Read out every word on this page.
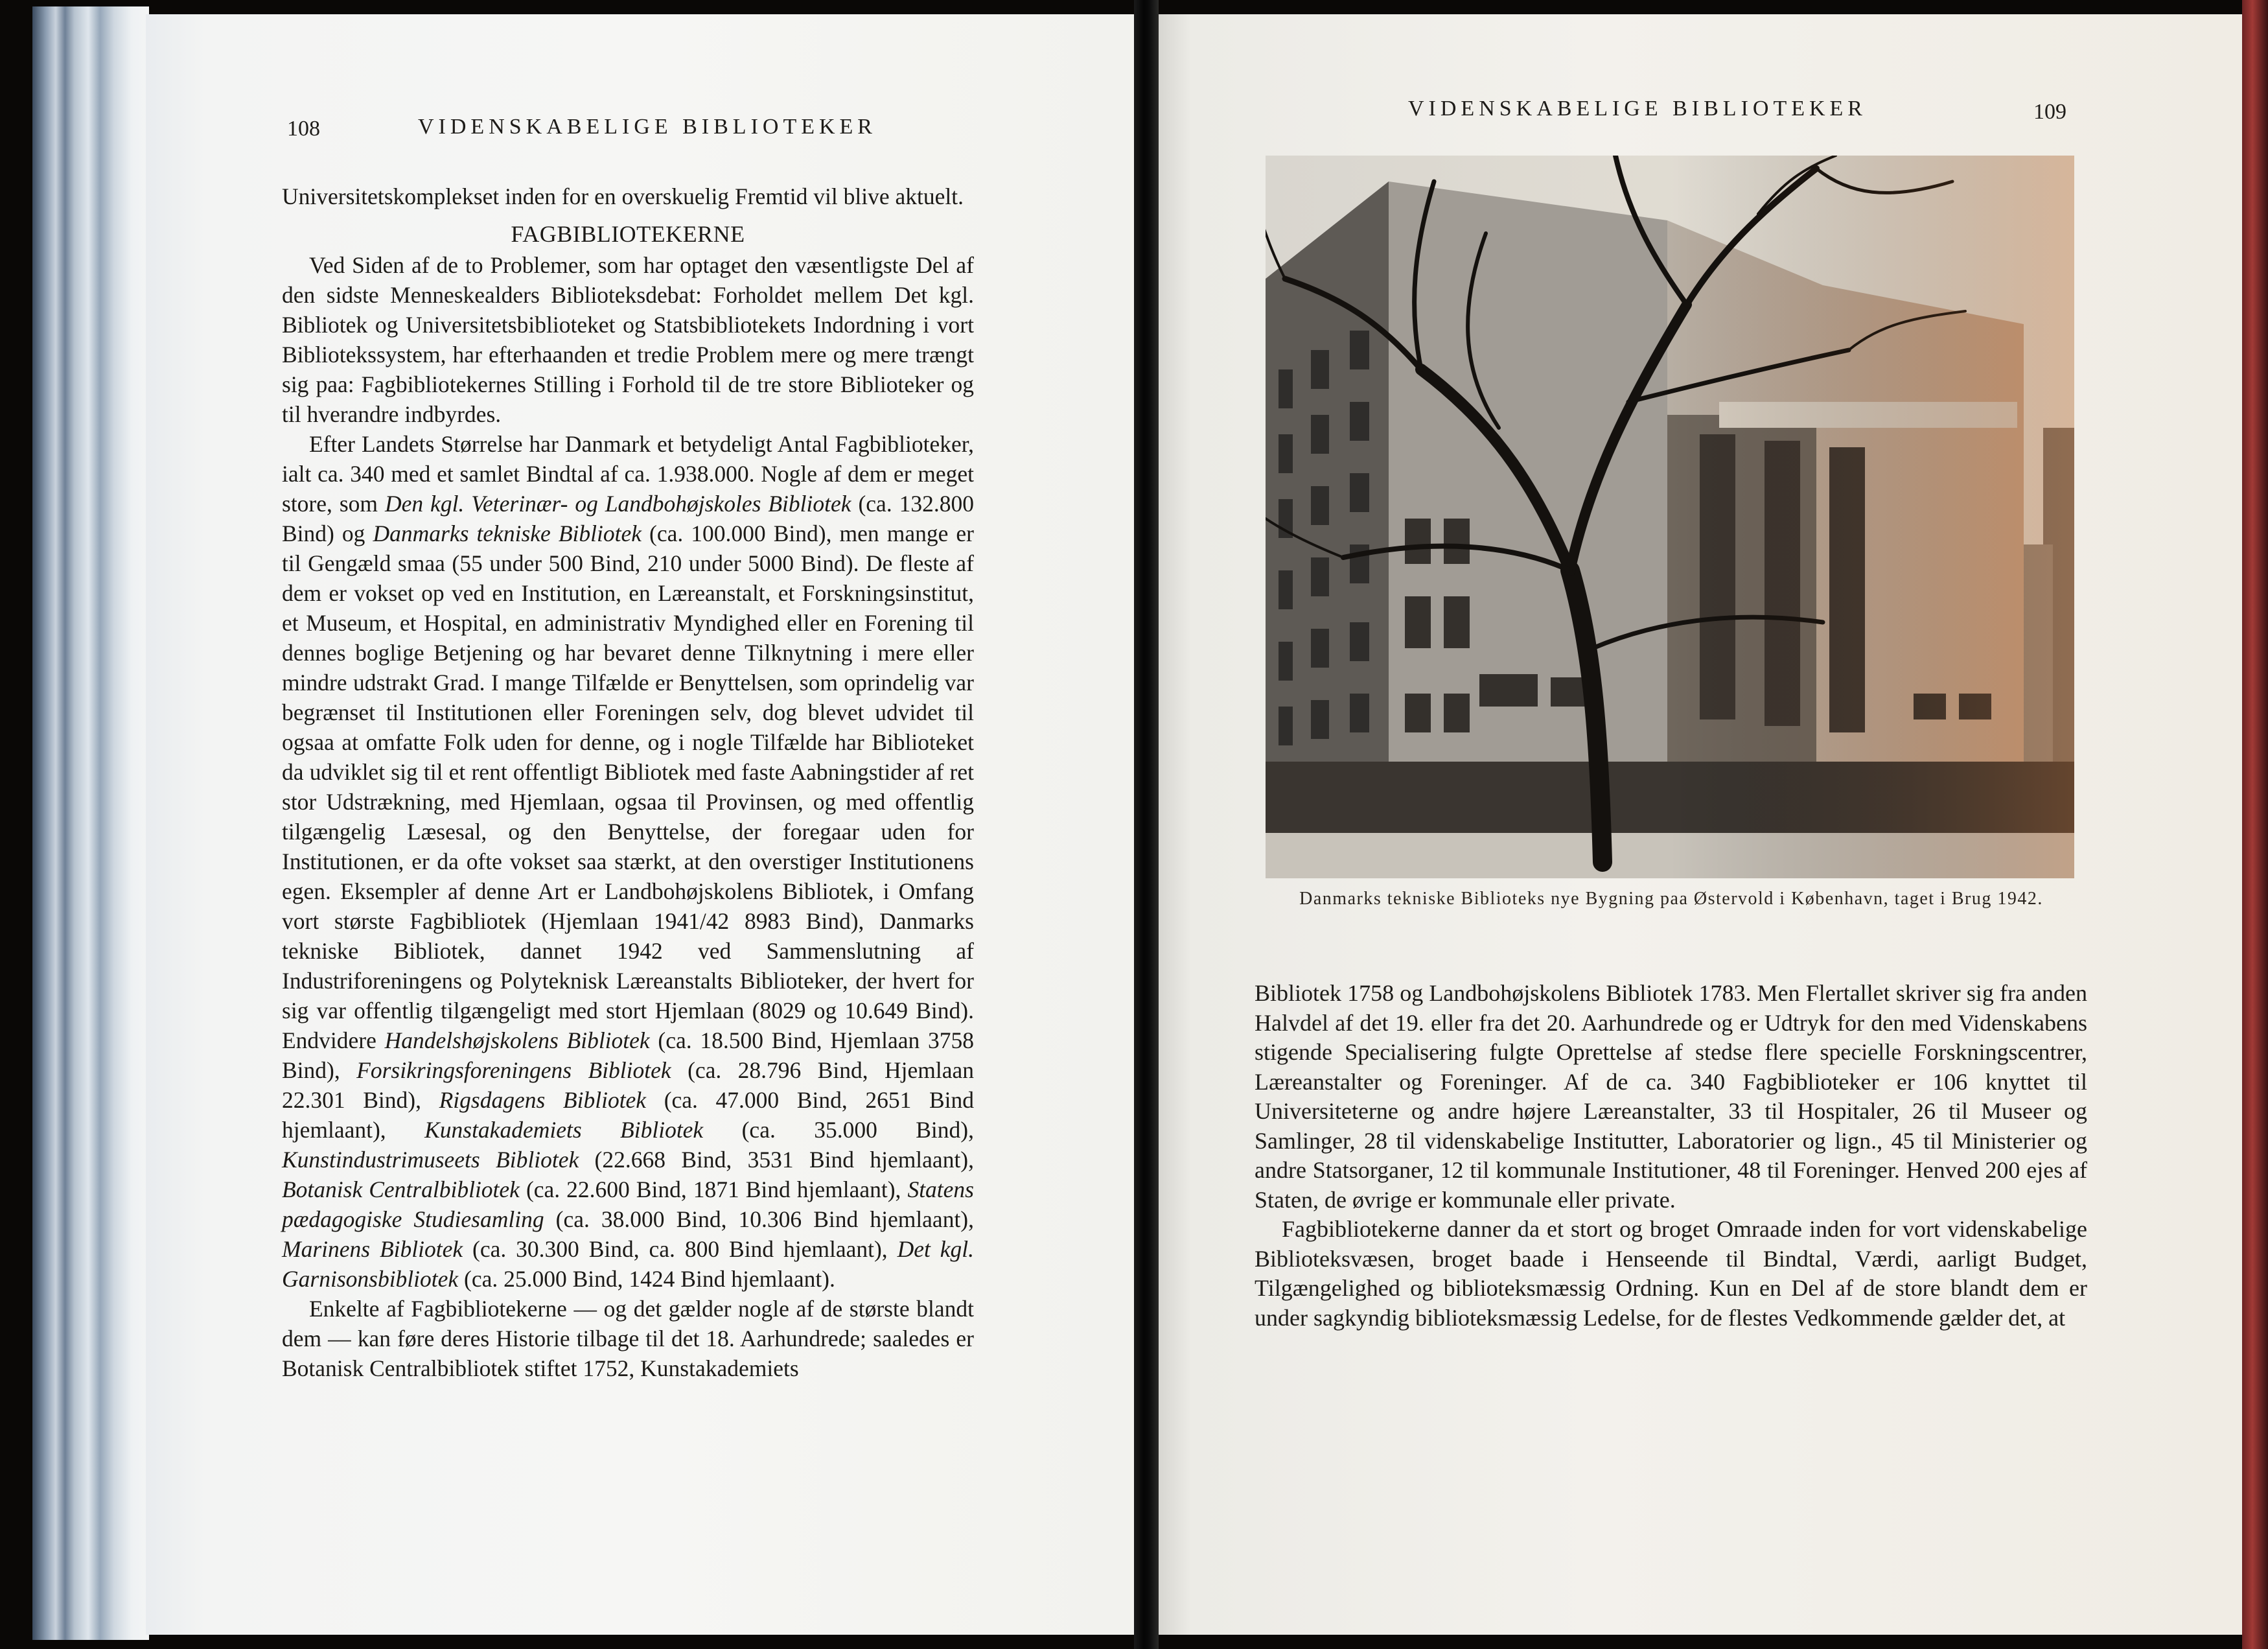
108	VIDENSKABELIGE BIBLIOTEKER

Universitetskomplekset inden for en overskuelig Fremtid vil blive aktuelt.

FAGBIBLIOTEKERNE

Ved Siden af de to Problemer, som har optaget den væsentligste Del af den sidste Menneskealders Biblioteksdebat: Forholdet mellem Det kgl. Bibliotek og Universitetsbiblioteket og Statsbibliotekets Indordning i vort Bibliotekssystem, har efterhaanden et tredie Problem mere og mere trængt sig paa: Fagbibliotekernes Stilling i Forhold til de tre store Biblioteker og til hverandre indbyrdes.

Efter Landets Størrelse har Danmark et betydeligt Antal Fagbiblioteker, ialt ca. 340 med et samlet Bindtal af ca. 1.938.000. Nogle af dem er meget store, som Den kgl. Veterinær- og Landbohøjskoles Bibliotek (ca. 132.800 Bind) og Danmarks tekniske Bibliotek (ca. 100.000 Bind), men mange er til Gengæld smaa (55 under 500 Bind, 210 under 5000 Bind). De fleste af dem er vokset op ved en Institution, en Læreanstalt, et Forskningsinstitut, et Museum, et Hospital, en administrativ Myndighed eller en Forening til dennes boglige Betjening og har bevaret denne Tilknytning i mere eller mindre udstrakt Grad. I mange Tilfælde er Benyttelsen, som oprindelig var begrænset til Institutionen eller Foreningen selv, dog blevet udvidet til ogsaa at omfatte Folk uden for denne, og i nogle Tilfælde har Biblioteket da udviklet sig til et rent offentligt Bibliotek med faste Aabningstider af ret stor Udstrækning, med Hjemlaan, ogsaa til Provinsen, og med offentlig tilgængelig Læsesal, og den Benyttelse, der foregaar uden for Institutionen, er da ofte vokset saa stærkt, at den overstiger Institutionens egen. Eksempler af denne Art er Landbohøjskolens Bibliotek, i Omfang vort største Fagbibliotek (Hjemlaan 1941/42 8983 Bind), Danmarks tekniske Bibliotek, dannet 1942 ved Sammenslutning af Industriforeningens og Polyteknisk Læreanstalts Biblioteker, der hvert for sig var offentlig tilgængeligt med stort Hjemlaan (8029 og 10.649 Bind). Endvidere Handelshøjskolens Bibliotek (ca. 18.500 Bind, Hjemlaan 3758 Bind), Forsikringsforeningens Bibliotek (ca. 28.796 Bind, Hjemlaan 22.301 Bind), Rigsdagens Bibliotek (ca. 47.000 Bind, 2651 Bind hjemlaant), Kunstakademiets Bibliotek (ca. 35.000 Bind), Kunstindustrimuseets Bibliotek (22.668 Bind, 3531 Bind hjemlaant), Botanisk Centralbibliotek (ca. 22.600 Bind, 1871 Bind hjemlaant), Statens pædagogiske Studiesamling (ca. 38.000 Bind, 10.306 Bind hjemlaant), Marinens Bibliotek (ca. 30.300 Bind, ca. 800 Bind hjemlaant), Det kgl. Garnisonsbibliotek (ca. 25.000 Bind, 1424 Bind hjemlaant).

Enkelte af Fagbibliotekerne — og det gælder nogle af de største blandt dem — kan føre deres Historie tilbage til det 18. Aarhundrede; saaledes er Botanisk Centralbibliotek stiftet 1752, Kunstakademiets

VIDENSKABELIGE BIBLIOTEKER	109
Danmarks tekniske Biblioteks nye Bygning paa Østervold i København, taget i Brug 1942.

Bibliotek 1758 og Landbohøjskolens Bibliotek 1783. Men Flertallet skriver sig fra anden Halvdel af det 19. eller fra det 20. Aarhundrede og er Udtryk for den med Videnskabens stigende Specialisering fulgte Oprettelse af stedse flere specielle Forskningscentrer, Læreanstalter og Foreninger. Af de ca. 340 Fagbiblioteker er 106 knyttet til Universiteterne og andre højere Læreanstalter, 33 til Hospitaler, 26 til Museer og Samlinger, 28 til videnskabelige Institutter, Laboratorier og lign., 45 til Ministerier og andre Statsorganer, 12 til kommunale Institutioner, 48 til Foreninger. Henved 200 ejes af Staten, de øvrige er kommunale eller private.

Fagbibliotekerne danner da et stort og broget Omraade inden for vort videnskabelige Biblioteksvæsen, broget baade i Henseende til Bindtal, Værdi, aarligt Budget, Tilgængelighed og biblioteksmæssig Ordning. Kun en Del af de store blandt dem er under sagkyndig biblioteksmæssig Ledelse, for de flestes Vedkommende gælder det, at
